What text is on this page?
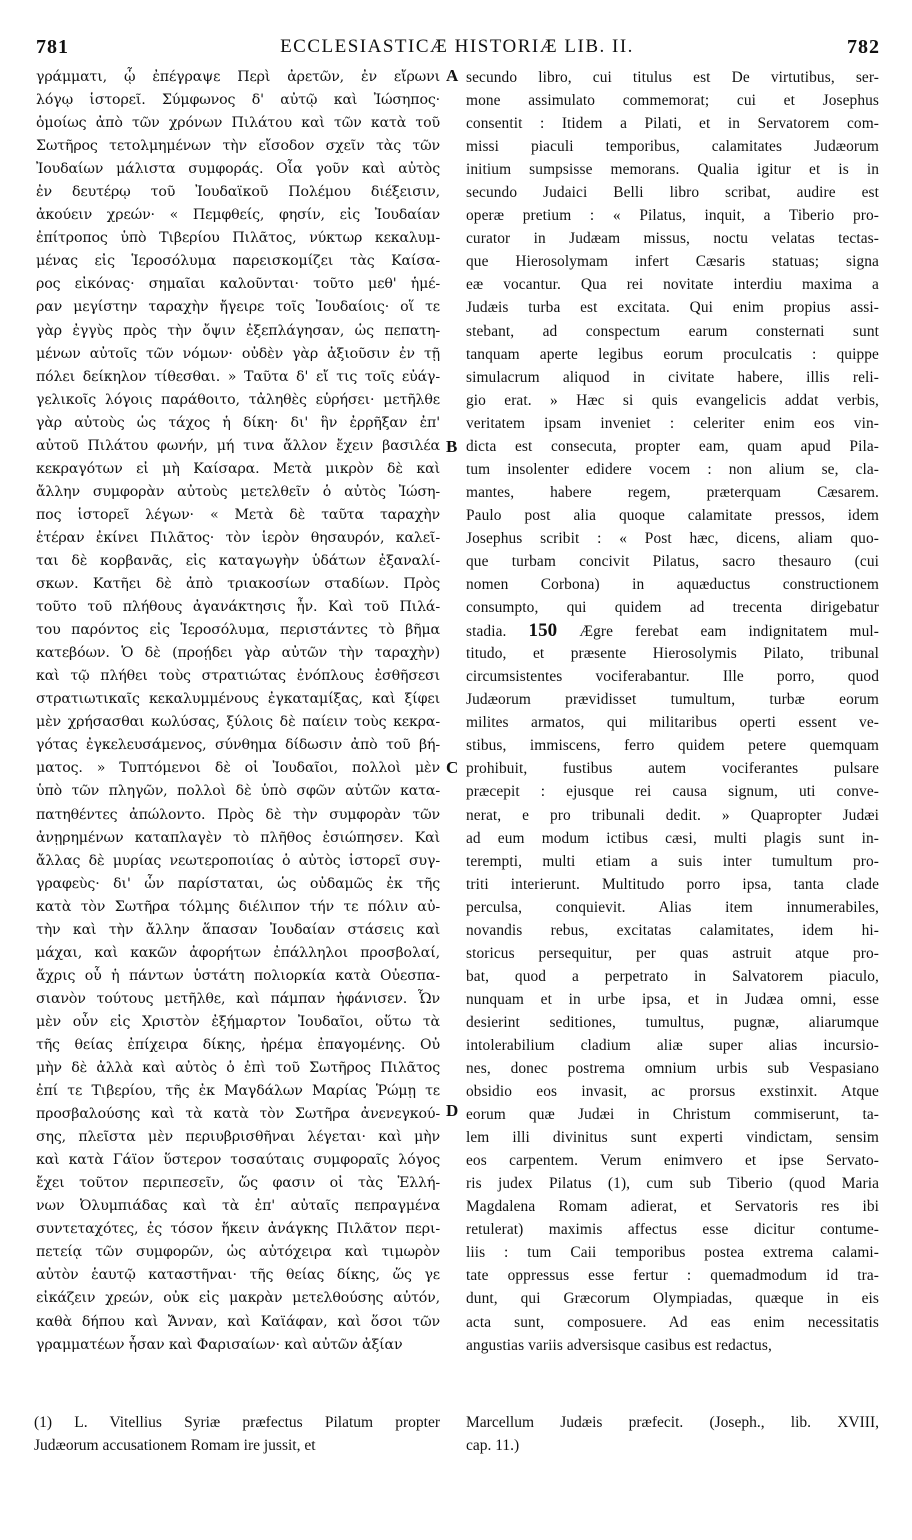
781	ECCLESIASTICÆ HISTORIÆ LIB. II.	782
γράμματι, ᾧ ἐπέγραψε Περὶ ἀρετῶν, ἐν εἴρωνι
λόγῳ ἱστορεῖ. Σύμφωνος δ' αὐτῷ καὶ Ἰώσηπος·
ὁμοίως ἀπὸ τῶν χρόνων Πιλάτου καὶ τῶν κατὰ τοῦ
Σωτῆρος τετολμημένων τὴν εἴσοδον σχεῖν τὰς τῶν
Ἰουδαίων μάλιστα συμφοράς. Οἷα γοῦν καὶ αὐτὸς
ἐν δευτέρῳ τοῦ Ἰουδαϊκοῦ Πολέμου διέξεισιν,
ἀκούειν χρεών· « Πεμφθείς, φησίν, εἰς Ἰουδαίαν
ἐπίτροπος ὑπὸ Τιβερίου Πιλᾶτος, νύκτωρ κεκαλυμ-
μένας εἰς Ἱεροσόλυμα παρεισκομίζει τὰς Καίσα-
ρος εἰκόνας· σημαῖαι καλοῦνται· τοῦτο μεθ' ἡμέ-
ραν μεγίστην ταραχὴν ἤγειρε τοῖς Ἰουδαίοις· οἵ τε
γὰρ ἐγγὺς πρὸς τὴν ὄψιν ἐξεπλάγησαν, ὡς πεπατη-
μένων αὐτοῖς τῶν νόμων· οὐδὲν γὰρ ἀξιοῦσιν ἐν τῇ
πόλει δείκηλον τίθεσθαι. » Ταῦτα δ' εἴ τις τοῖς εὐάγ-
γελικοῖς λόγοις παράθοιτο, τἀληθὲς εὑρήσει· μετῆλθε
γὰρ αὐτοὺς ὡς τάχος ἡ δίκη· δι' ἣν ἐρρῆξαν ἐπ'
αὐτοῦ Πιλάτου φωνήν, μή τινα ἄλλον ἔχειν βασιλέα
κεκραγότων εἰ μὴ Καίσαρα. Μετὰ μικρὸν δὲ καὶ
ἄλλην συμφορὰν αὐτοὺς μετελθεῖν ὁ αὐτὸς Ἰώση-
πος ἱστορεῖ λέγων· « Μετὰ δὲ ταῦτα ταραχὴν
ἑτέραν ἐκίνει Πιλᾶτος· τὸν ἱερὸν θησαυρόν, καλεῖ-
ται δὲ κορβανᾶς, εἰς καταγωγὴν ὑδάτων ἐξαναλί-
σκων. Κατῆει δὲ ἀπὸ τριακοσίων σταδίων. Πρὸς
τοῦτο τοῦ πλήθους ἀγανάκτησις ἦν. Καὶ τοῦ Πιλά-
του παρόντος εἰς Ἱεροσόλυμα, περιστάντες τὸ βῆμα
κατεβόων. Ὁ δὲ (προῄδει γὰρ αὐτῶν τὴν ταραχὴν)
καὶ τῷ πλήθει τοὺς στρατιώτας ἐνόπλους ἐσθῆσεσι
στρατιωτικαῖς κεκαλυμμένους ἐγκαταμίξας, καὶ ξίφει
μὲν χρήσασθαι κωλύσας, ξύλοις δὲ παίειν τοὺς κεκρα-
γότας ἐγκελευσάμενος, σύνθημα δίδωσιν ἀπὸ τοῦ βή-
ματος. » Τυπτόμενοι δὲ οἱ Ἰουδαῖοι, πολλοὶ μὲν
ὑπὸ τῶν πληγῶν, πολλοὶ δὲ ὑπὸ σφῶν αὐτῶν κατα-
πατηθέντες ἀπώλοντο. Πρὸς δὲ τὴν συμφορὰν τῶν
ἀνῃρημένων καταπλαγὲν τὸ πλῆθος ἐσιώπησεν. Καὶ
ἄλλας δὲ μυρίας νεωτεροποιίας ὁ αὐτὸς ἱστορεῖ συγ-
γραφεὺς· δι' ὧν παρίσταται, ὡς οὐδαμῶς ἐκ τῆς
κατὰ τὸν Σωτῆρα τόλμης διέλιπον τήν τε πόλιν αὐ-
τὴν καὶ τὴν ἄλλην ἅπασαν Ἰουδαίαν στάσεις καὶ
μάχαι, καὶ κακῶν ἀφορήτων ἐπάλληλοι προσβολαί,
ἄχρις οὗ ἡ πάντων ὑστάτη πολιορκία κατὰ Οὐεσπα-
σιανὸν τούτους μετῆλθε, καὶ πάμπαν ἠφάνισεν. Ὧν
μὲν οὖν εἰς Χριστὸν ἐξήμαρτον Ἰουδαῖοι, οὕτω τὰ
τῆς θείας ἐπίχειρα δίκης, ἠρέμα ἐπαγομένης. Οὐ
μὴν δὲ ἀλλὰ καὶ αὐτὸς ὁ ἐπὶ τοῦ Σωτῆρος Πιλᾶτος
ἐπί τε Τιβερίου, τῆς ἐκ Μαγδάλων Μαρίας Ῥώμῃ τε
προσβαλούσης καὶ τὰ κατὰ τὸν Σωτῆρα ἀνενεγκού-
σης, πλεῖστα μὲν περιυβρισθῆναι λέγεται· καὶ μὴν
καὶ κατὰ Γάϊον ὕστερον τοσαύταις συμφοραῖς λόγος
ἔχει τοῦτον περιπεσεῖν, ὥς φασιν οἱ τὰς Ἑλλή-
νων Ὀλυμπιάδας καὶ τὰ ἐπ' αὐταῖς πεπραγμένα
συντεταχότες, ἐς τόσον ἥκειν ἀνάγκης Πιλᾶτον περι-
πετείᾳ τῶν συμφορῶν, ὡς αὐτόχειρα καὶ τιμωρὸν
αὐτὸν ἑαυτῷ καταστῆναι· τῆς θείας δίκης, ὥς γε
εἰκάζειν χρεών, οὐκ εἰς μακρὰν μετελθούσης αὐτόν,
καθὰ δήπου καὶ Ἄνναν, καὶ Καϊάφαν, καὶ ὅσοι τῶν
γραμματέων ἦσαν καὶ Φαρισαίων· καὶ αὐτῶν ἀξίαν
secundo libro, cui titulus est De virtutibus, ser-
mone assimulato commemorat; cui et Josephus
consentit : Itidem a Pilati, et in Servatorem com-
missi piaculi temporibus, calamitates Judæorum
initium sumpsisse memorans. Qualia igitur et is in
secundo Judaici Belli libro scribat, audire est
operæ pretium : « Pilatus, inquit, a Tiberio pro-
curator in Judæam missus, noctu velatas tectas-
que Hierosolymam infert Cæsaris statuas; signa
eæ vocantur. Qua rei novitate interdiu maxima a
Judæis turba est excitata. Qui enim propius assi-
stebant, ad conspectum earum consternati sunt
tanquam aperte legibus eorum proculcatis : quippe
simulacrum aliquod in civitate habere, illis reli-
gio erat. » Hæc si quis evangelicis addat verbis,
veritatem ipsam inveniet : celeriter enim eos vin-
dicta est consecuta, propter eam, quam apud Pila-
tum insolenter edidere vocem : non alium se, cla-
mantes, habere regem, præterquam Cæsarem.
Paulo post alia quoque calamitate pressos, idem
Josephus scribit : « Post hæc, dicens, aliam quo-
que turbam concivit Pilatus, sacro thesauro (cui
nomen Corbona) in aquæductus constructionem
consumpto, qui quidem ad trecenta dirigebatur
stadia. 150 Ægre ferebat eam indignitatem mul-
titudo, et præsente Hierosolymis Pilato, tribunal
circumsistentes vociferabantur. Ille porro, quod
Judæorum prævidisset tumultum, turbæ eorum
milites armatos, qui militaribus operti essent ve-
stibus, immiscens, ferro quidem petere quemquam
prohibuit, fustibus autem vociferantes pulsare
præcepit : ejusque rei causa signum, uti conve-
nerat, e pro tribunali dedit. » Quapropter Judæi
ad eum modum ictibus cæsi, multi plagis sunt in-
terempti, multi etiam a suis inter tumultum pro-
triti interierunt. Multitudo porro ipsa, tanta clade
perculsa, conquievit. Alias item innumerabiles,
novandis rebus, excitatas calamitates, idem hi-
storicus persequitur, per quas astruit atque pro-
bat, quod a perpetrato in Salvatorem piaculo,
nunquam et in urbe ipsa, et in Judæa omni, esse
desierint seditiones, tumultus, pugnæ, aliarumque
intolerabilium cladium aliæ super alias incursio-
nes, donec postrema omnium urbis sub Vespasiano
obsidio eos invasit, ac prorsus exstinxit. Atque
eorum quæ Judæi in Christum commiserunt, ta-
lem illi divinitus sunt experti vindictam, sensim
eos carpentem. Verum enimvero et ipse Servato-
ris judex Pilatus (1), cum sub Tiberio (quod Maria
Magdalena Romam adierat, et Servatoris res ibi
retulerat) maximis affectus esse dicitur contume-
liis : tum Caii temporibus postea extrema calami-
tate oppressus esse fertur : quemadmodum id tra-
dunt, qui Græcorum Olympiadas, quæque in eis
acta sunt, composuere. Ad eas enim necessitatis
angustias variis adversisque casibus est redactus,
A
B
C
D
(1) L. Vitellius Syriæ præfectus Pilatum propter
Judæorum accusationem Romam ire jussit, et
Marcellum Judæis præfecit. (Joseph., lib. XVIII,
cap. 11.)
